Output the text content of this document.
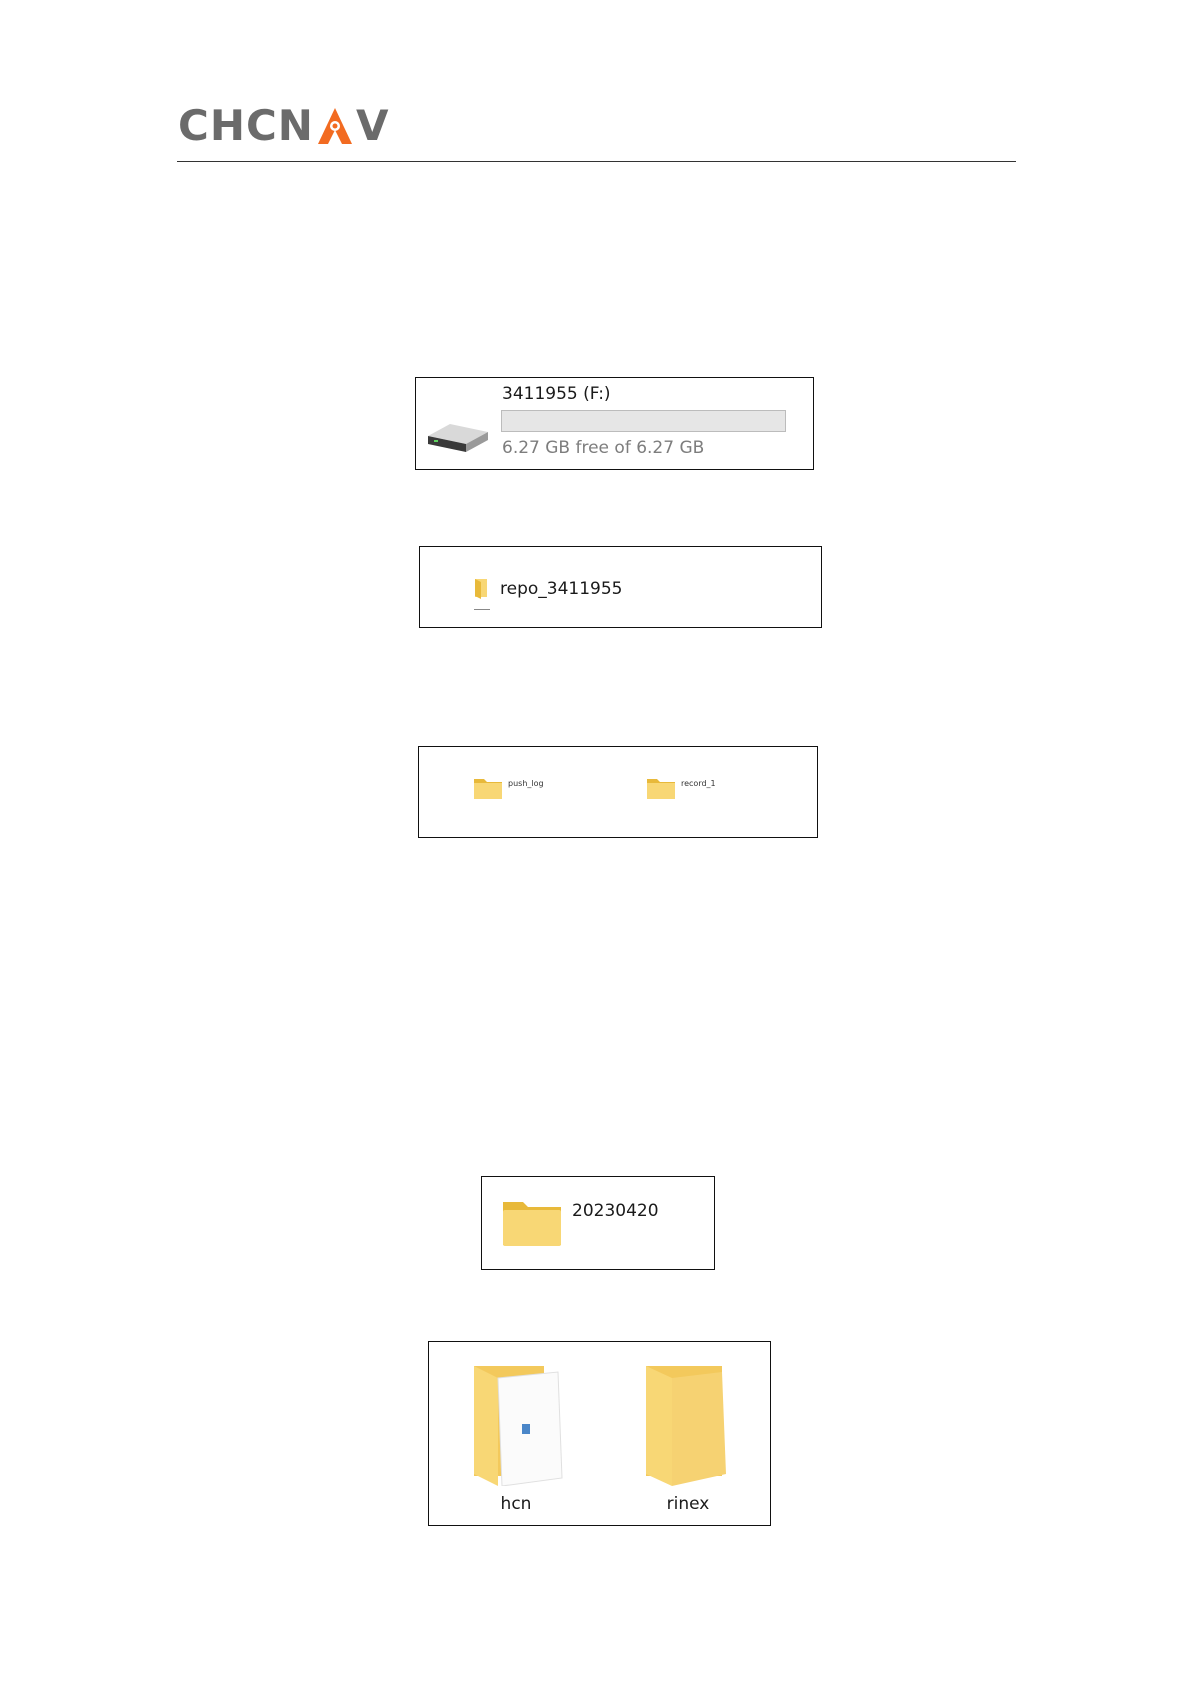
CHCN V
3411955 (F:)
6.27 GB free of 6.27 GB
repo_3411955
push_log	record_1
20230420
hcn	rinex
